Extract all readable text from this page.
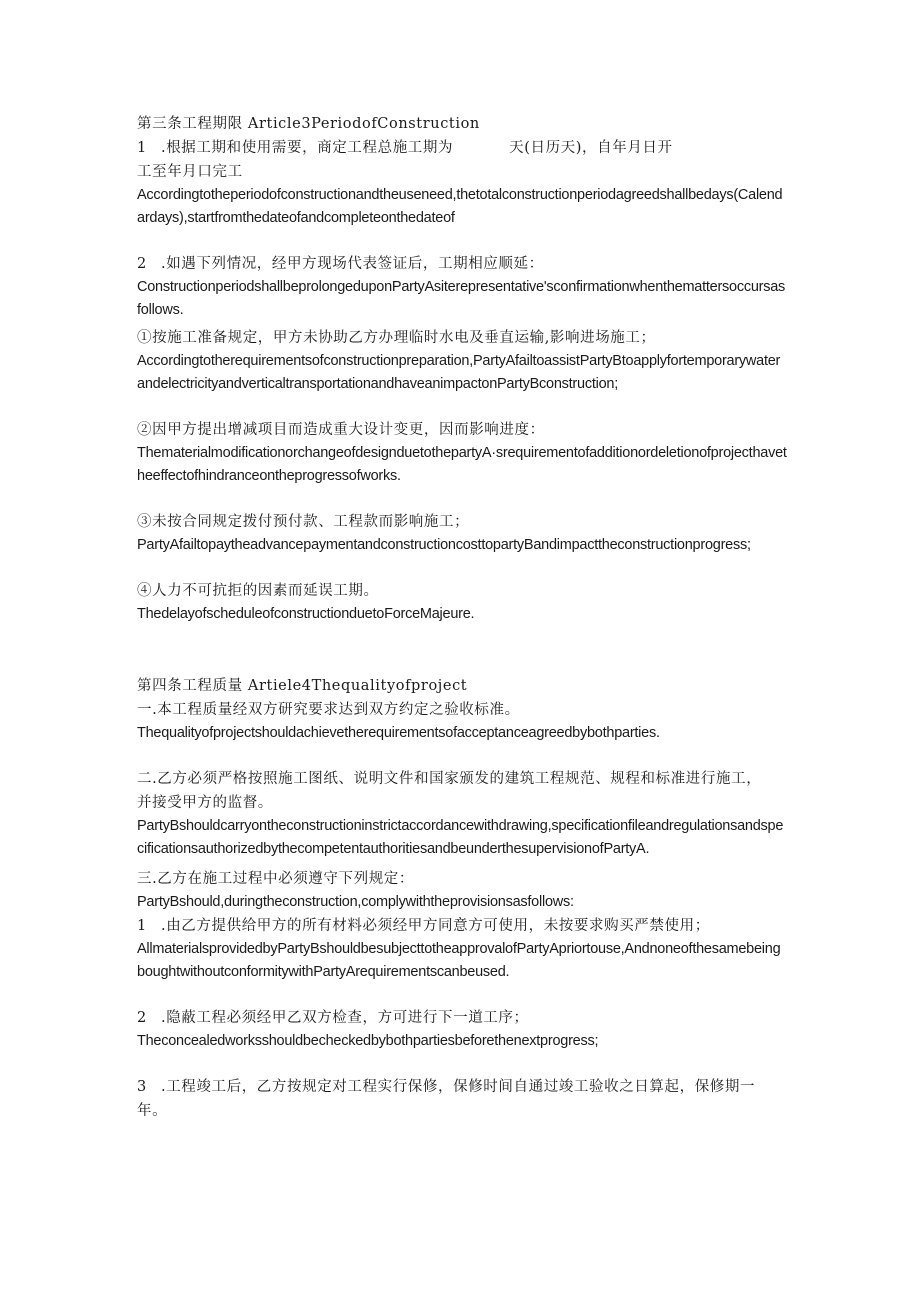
第三条工程期限 Article3PeriodofConstruction

1 .根据工期和使用需要，商定工程总施工期为	天(日历天)，自年月日开

工至年月口完工

Accordingtotheperiodofconstructionandtheuseneed,thetotalconstructionperiodagreedshallbedays(Calendardays),startfromthedateofandcompleteonthedateof

2 .如遇下列情况，经甲方现场代表签证后，工期相应顺延：

ConstructionperiodshallbeprolongeduponPartyAsiterepresentative'sconfirmationwhenthemattersoccursasfollows.

①按施工准备规定，甲方未协助乙方办理临时水电及垂直运输,影响进场施工；

Accordingtotherequirementsofconstructionpreparation,PartyAfailtoassistPartyBtoapplyfortemporarywaterandelectricityandverticaltransportationandhaveanimpactonPartyBconstruction;

②因甲方提出增减项目而造成重大设计变更，因而影响进度：

ThematerialmodificationorchangeofdesignduetothepartyA·srequirementofadditionordeletionofprojecthavetheeffectofhindranceontheprogressofworks.

③未按合同规定拨付预付款、工程款而影响施工；

PartyAfailtopaytheadvancepaymentandconstructioncosttopartyBandimpacttheconstructionprogress;

④人力不可抗拒的因素而延误工期。

ThedelayofscheduleofconstructionduetoForceMajeure.

第四条工程质量 Artiele4Thequalityofproject

一.本工程质量经双方研究要求达到双方约定之验收标准。

Thequalityofprojectshouldachievetherequirementsofacceptanceagreedbybothparties.

二.乙方必须严格按照施工图纸、说明文件和国家颁发的建筑工程规范、规程和标准进行施工，

并接受甲方的监督。

PartyBshouldcarryontheconstructioninstrictaccordancewithdrawing,specificationfileandregulationsandspecificationsauthorizedbythecompetentauthoritiesandbeunderthesupervisionofPartyA.

三.乙方在施工过程中必须遵守下列规定：

PartyBshould,duringtheconstruction,complywiththeprovisionsasfollows:

1 .由乙方提供给甲方的所有材料必须经甲方同意方可使用，未按要求购买严禁使用；

AllmaterialsprovidedbyPartyBshouldbesubjecttotheapprovalofPartyApriortouse,AndnoneofthesamebeingboughtwithoutconformitywithPartyArequirementscanbeused.

2 .隐蔽工程必须经甲乙双方检查，方可进行下一道工序；

Theconcealedworksshouldbecheckedbybothpartiesbeforethenextprogress;

3 .工程竣工后，乙方按规定对工程实行保修，保修时间自通过竣工验收之日算起，保修期一

年。
